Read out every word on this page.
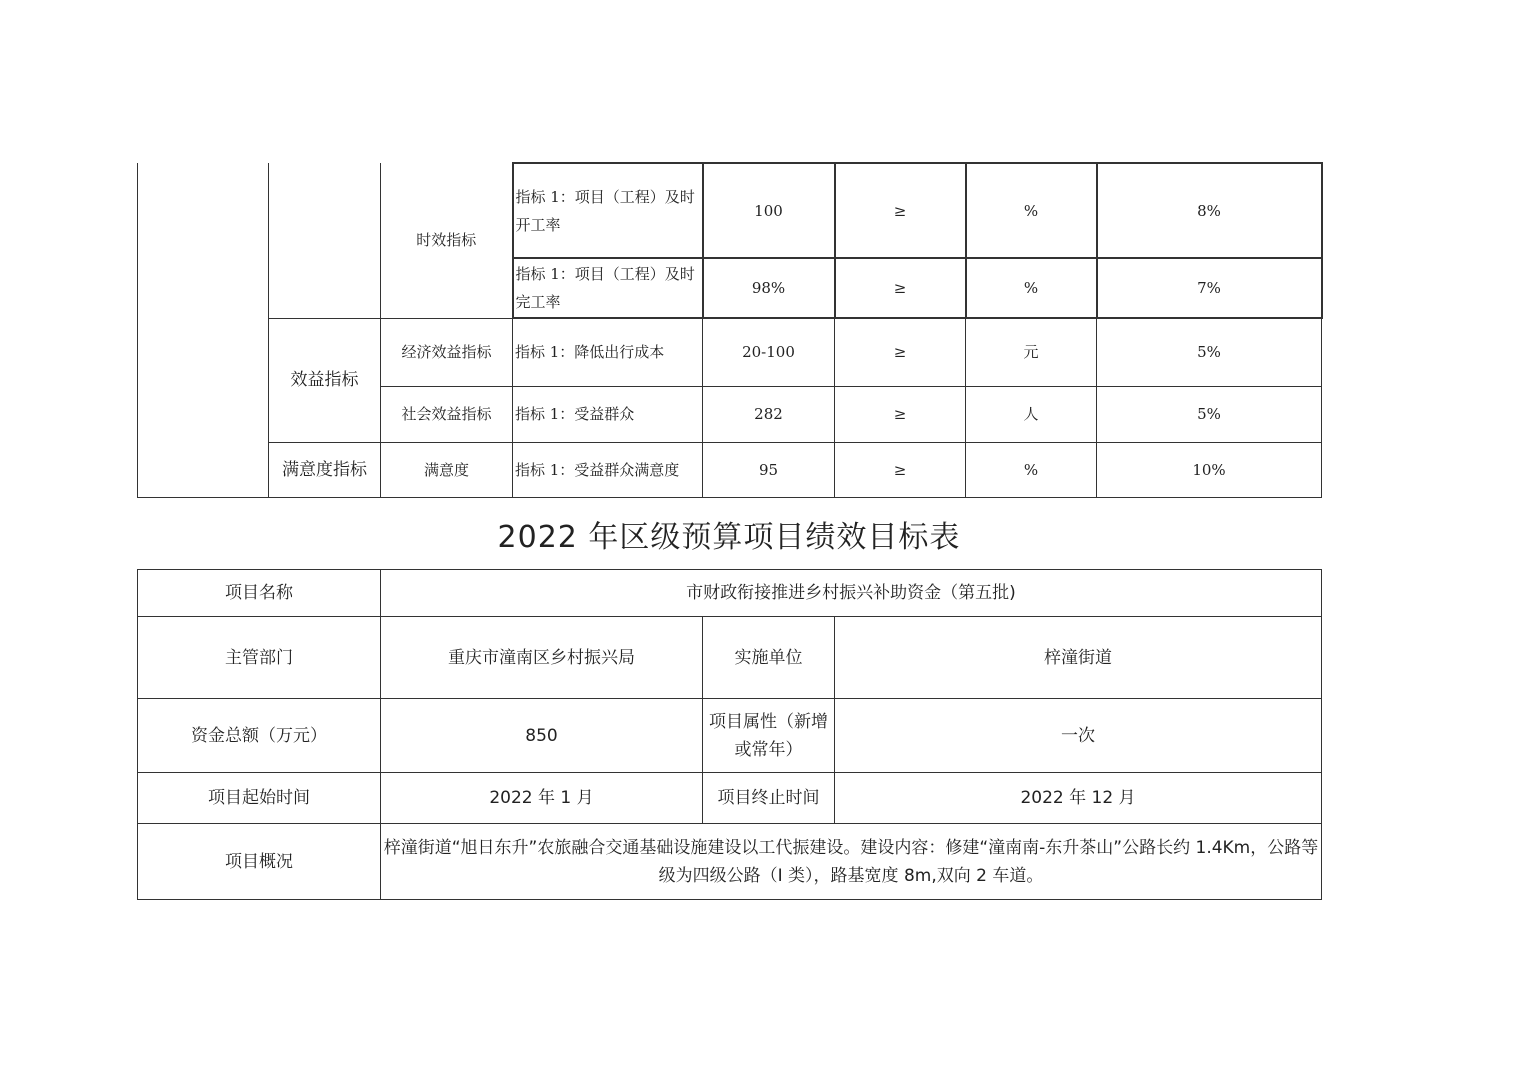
		时效指标	指标 1：项目（工程）及时开工率	100	≥	%	8%
			指标 1：项目（工程）及时完工率	98%	≥	%	7%
	效益指标	经济效益指标	指标 1：降低出行成本	20-100	≥	元	5%
		社会效益指标	指标 1：受益群众	282	≥	人	5%
	满意度指标	满意度	指标 1：受益群众满意度	95	≥	%	10%
2022 年区级预算项目绩效目标表
项目名称	市财政衔接推进乡村振兴补助资金（第五批)		
主管部门	重庆市潼南区乡村振兴局	实施单位	梓潼街道
资金总额（万元）	850	项目属性（新增或常年）	一次
项目起始时间	2022 年 1 月	项目终止时间	2022 年 12 月
项目概况	梓潼街道“旭日东升”农旅融合交通基础设施建设以工代振建设。建设内容：修建“潼南南-东升茶山”公路长约 1.4Km，公路等级为四级公路（I 类），路基宽度 8m,双向 2 车道。		
